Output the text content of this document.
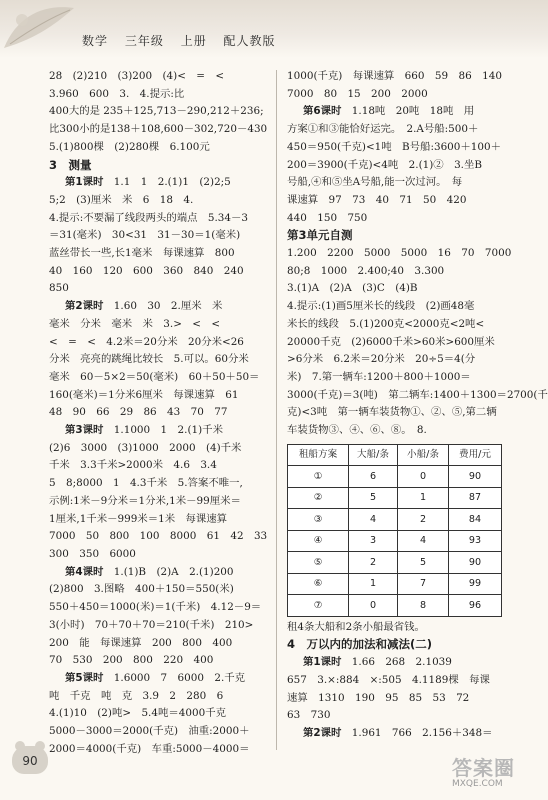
数学 三年级 上册 配人教版
28　(2)210　(3)200　(4)<　=　<
3.960　600　3.　4.提示:比
400大的是 235＋125,713－290,212＋236;
比300小的是138＋108,600－302,720－430
5.(1)800棵　(2)280棵　6.100元
3　测量
第1课时　1.1　1　2.(1)1　(2)2;5
5;2　(3)厘米　米　6　18　4.
4.提示:不要漏了线段两头的端点　5.34－3
＝31(毫米)　30<31　31－30＝1(毫米)
蓝丝带长一些,长1毫米　每课速算　800
40　160　120　600　360　840　240
850
第2课时　1.60　30　2.厘米　米
毫米　分米　毫米　米　3.>　<　<
<　=　<　4.2米＝20分米　20分米<26
分米　亮亮的跳绳比较长　5.可以。60分米
毫米　60－5×2＝50(毫米)　60＋50＋50＝
160(毫米)＝1分米6厘米　每课速算　61
48　90　66　29　86　43　70　77
第3课时　1.1000　1　2.(1)千米
(2)6　3000　(3)1000　2000　(4)千米
千米　3.3千米>2000米　4.6　3.4
5　8;8000　1　4.3千米　5.答案不唯一,
示例:1米－9分米＝1分米,1米－99厘米＝
1厘米,1千米－999米＝1米　每课速算
7000　50　800　100　8000　61　42　33
300　350　6000
第4课时　1.(1)B　(2)A　2.(1)200
(2)800　3.图略　400＋150＝550(米)
550＋450＝1000(米)＝1(千米)　4.12－9＝
3(小时)　70＋70＋70＝210(千米)　210>
200　能　每课速算　200　800　400
70　530　200　800　220　400
第5课时　1.6000　7　6000　2.千克
吨　千克　吨　克　3.9　2　280　6
4.(1)10　(2)吨>　5.4吨＝4000千克
5000－3000＝2000(千克)　油重:2000＋
2000＝4000(千克)　车重:5000－4000＝
1000(千克)　每课速算　660　59　86　140
7000　80　15　200　2000
第6课时　1.18吨　20吨　18吨　用
方案①和③能恰好运完。　2.A号船:500＋
450＝950(千克)<1吨　B号船:3600＋100＋
200＝3900(千克)<4吨　2.(1)②　3.坐B
号船,④和⑤坐A号船,能一次过河。　每
课速算　97　73　40　71　50　420
440　150　750
第3单元自测
1.200　2200　5000　5000　16　70　7000
80;8　1000　2.400;40　3.300
3.(1)A　(2)A　(3)C　(4)B
4.提示:(1)画5厘米长的线段　(2)画48毫
米长的线段　5.(1)200克<2000克<2吨<
20000千克　(2)6000千米>60米>600厘米
>6分米　6.2米＝20分米　20÷5＝4(分
米)　7.第一辆车:1200＋800＋1000＝
3000(千克)＝3(吨)　第二辆车:1400＋1300＝2700(千
克)<3吨　第一辆车装货物①、②、⑤,第二辆
车装货物③、④、⑥、⑧。　8.
租船方案	大船/条	小船/条	费用/元
①	6	0	90
②	5	1	87
③	4	2	84
④	3	4	93
⑤	2	5	90
⑥	1	7	99
⑦	0	8	96
租4条大船和2条小船最省钱。
4　万以内的加法和减法(二)
第1课时　1.66　268　2.1039
657　3.×:884　×:505　4.1189棵　每课
速算　1310　190　95　85　53　72
63　730
第2课时　1.961　766　2.156＋348＝
90	答案圈
MXQE.COM
